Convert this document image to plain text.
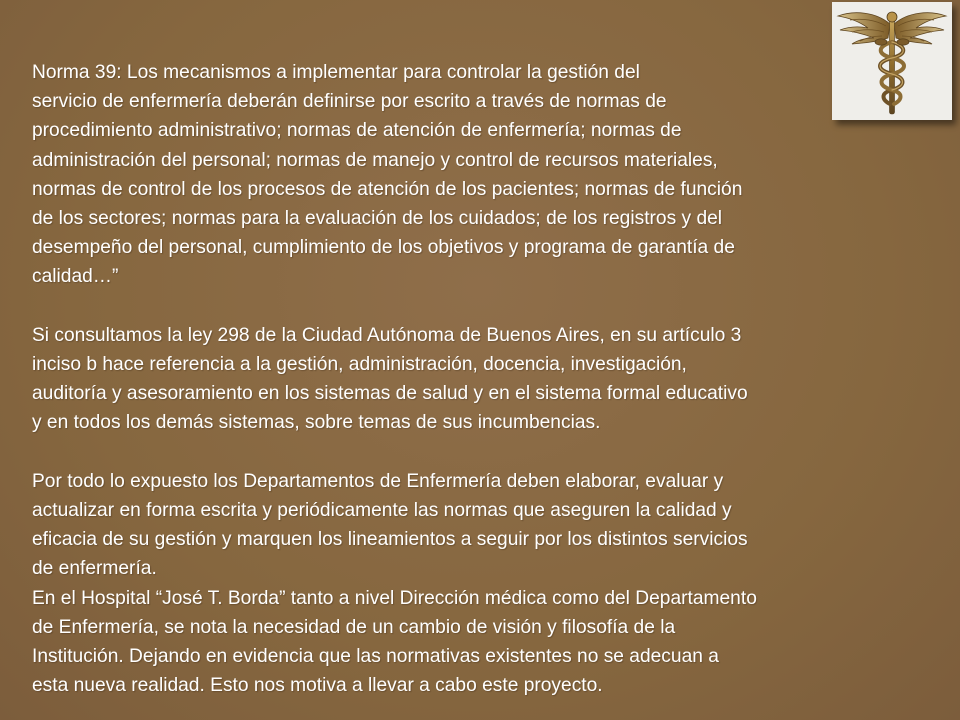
Norma 39: Los mecanismos a implementar para controlar la gestión del
servicio de enfermería deberán definirse por escrito a través de normas de
procedimiento administrativo; normas de atención de enfermería; normas de
administración del personal; normas de manejo y control de recursos materiales,
normas de control de los procesos de atención de los pacientes; normas de función
de los sectores; normas para la evaluación de los cuidados; de los registros y del
desempeño del personal, cumplimiento de los objetivos y programa de garantía de
calidad…”

Si consultamos la ley 298 de la Ciudad Autónoma de Buenos Aires, en su artículo 3
inciso b hace referencia a la gestión, administración, docencia, investigación,
auditoría y asesoramiento en los sistemas de salud y en el sistema formal educativo
y en todos los demás sistemas, sobre temas de sus incumbencias.

Por todo lo expuesto los Departamentos de Enfermería deben elaborar, evaluar y
actualizar en forma escrita y periódicamente las normas que aseguren la calidad y
eficacia de su gestión y marquen los lineamientos a seguir por los distintos servicios
de enfermería.

En el Hospital “José T. Borda” tanto a nivel Dirección médica como del Departamento
de Enfermería, se nota la necesidad de un cambio de visión y filosofía de la
Institución. Dejando en evidencia que las normativas existentes no se adecuan a
esta nueva realidad. Esto nos motiva a llevar a cabo este proyecto.
